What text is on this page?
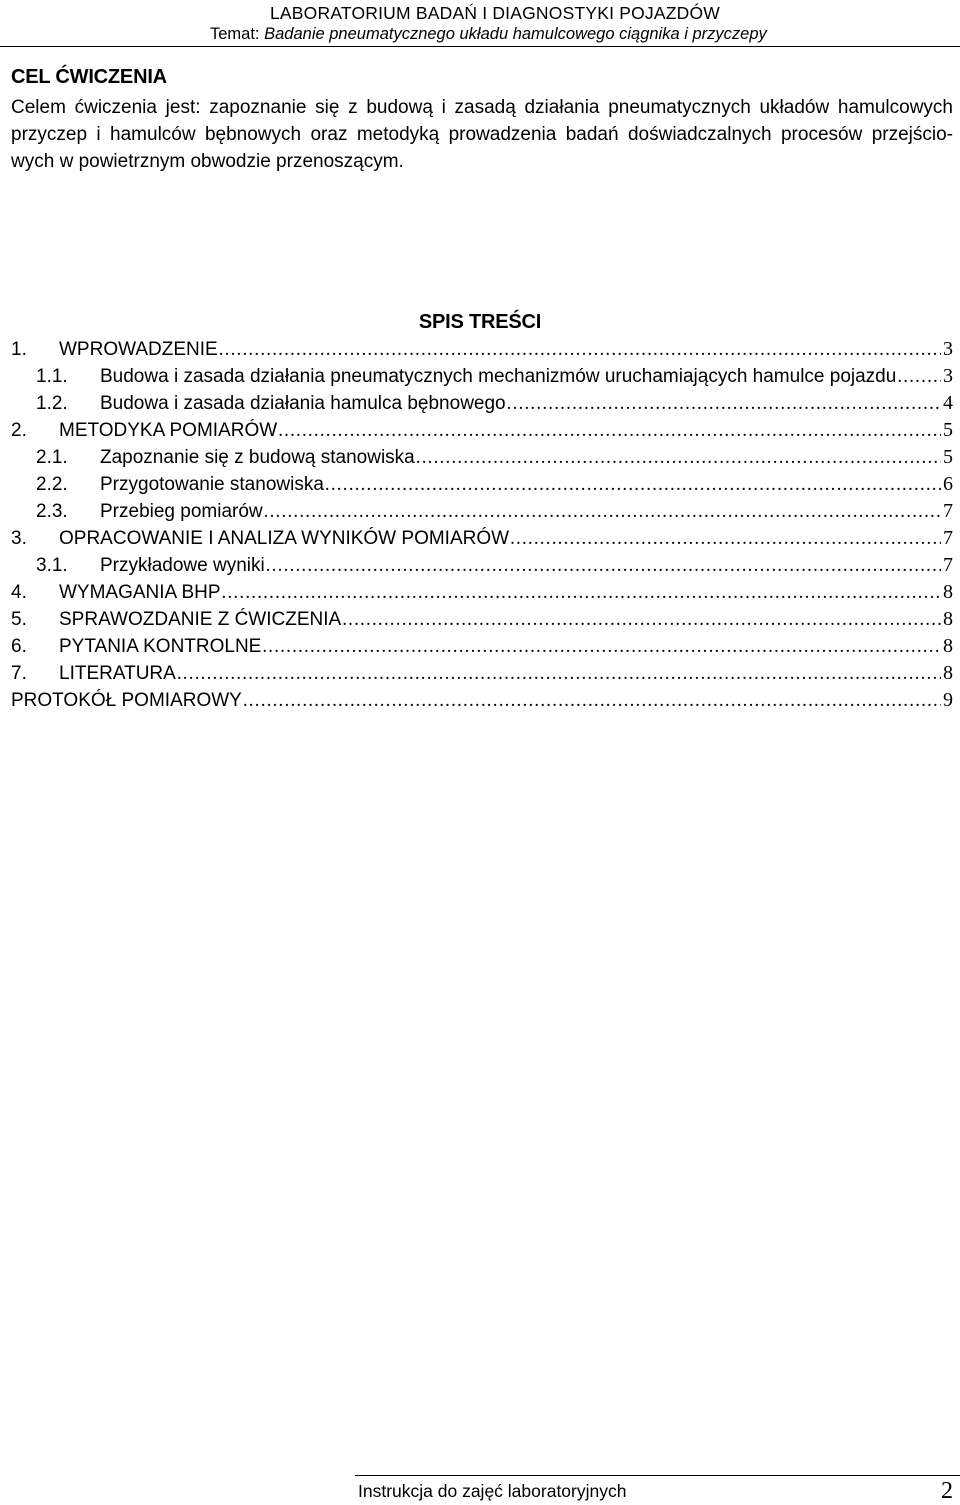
LABORATORIUM BADAŃ I DIAGNOSTYKI POJAZDÓW
Temat: Badanie pneumatycznego układu hamulcowego ciągnika i przyczepy
CEL ĆWICZENIA
Celem ćwiczenia jest: zapoznanie się z budową i zasadą działania pneumatycznych układów hamulcowych
przyczep i hamulców bębnowych oraz metodyką prowadzenia badań doświadczalnych procesów przejścio-
wych w powietrznym obwodzie przenoszącym.
SPIS TREŚCI
1.	WPROWADZENIE .....	3
1.1.	Budowa i zasada działania pneumatycznych mechanizmów uruchamiających hamulce pojazdu ..... 3
1.2.	Budowa i zasada działania hamulca bębnowego .....	4
2.	METODYKA POMIARÓW .....	5
2.1.	Zapoznanie się z budową stanowiska .....	5
2.2.	Przygotowanie stanowiska .....	6
2.3.	Przebieg pomiarów .....	7
3.	OPRACOWANIE I ANALIZA WYNIKÓW POMIARÓW .....	7
3.1.	Przykładowe wyniki .....	7
4.	WYMAGANIA BHP .....	8
5.	SPRAWOZDANIE Z ĆWICZENIA .....	8
6.	PYTANIA KONTROLNE .....	8
7.	LITERATURA .....	8
PROTOKÓŁ POMIAROWY .....	9
Instrukcja do zajęć laboratoryjnych	2
